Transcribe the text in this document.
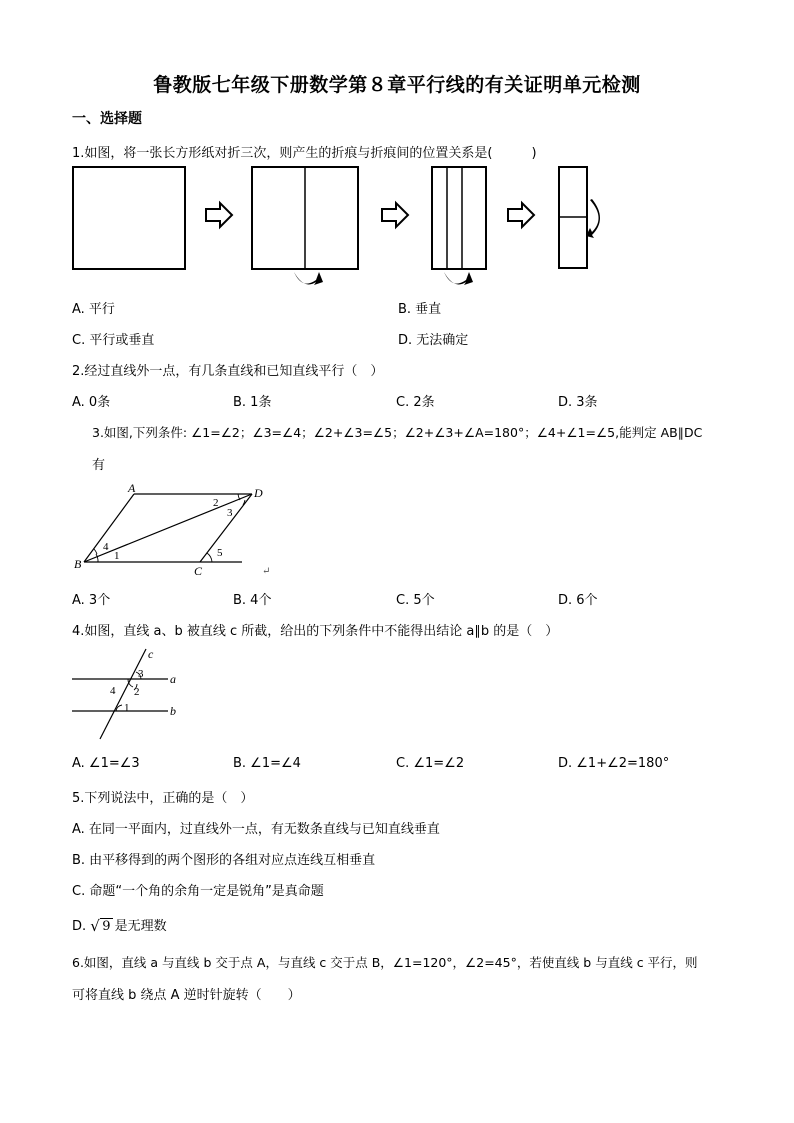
鲁教版七年级下册数学第８章平行线的有关证明单元检测
一、选择题
1.如图，将一张长方形纸对折三次，则产生的折痕与折痕间的位置关系是(　　　)
A. 平行	B. 垂直
C. 平行或垂直	D. 无法确定
2.经过直线外一点，有几条直线和已知直线平行（　）
A. 0条	B. 1条	C. 2条	D. 3条
3.如图,下列条件: ∠1=∠2；∠3=∠4；∠2+∠3=∠5；∠2+∠3+∠A=180°；∠4+∠1=∠5,能判定 AB∥DC
有
A	D
B	C
1
2
3
4	5
↵
A. 3个	B. 4个	C. 5个	D. 6个
4.如图，直线 a、b 被直线 c 所截，给出的下列条件中不能得出结论 a∥b 的是（　）
c
a
b
3
4 2
1
A. ∠1=∠3	B. ∠1=∠4	C. ∠1=∠2	D. ∠1+∠2=180°
5.下列说法中，正确的是（　）
A. 在同一平面内，过直线外一点，有无数条直线与已知直线垂直
B. 由平移得到的两个图形的各组对应点连线互相垂直
C. 命题“一个角的余角一定是锐角”是真命题
D. √ 9 是无理数
6.如图，直线 a 与直线 b 交于点 A，与直线 c 交于点 B，∠1=120°，∠2=45°，若使直线 b 与直线 c 平行，则
可将直线 b 绕点 A 逆时针旋转（　　）
